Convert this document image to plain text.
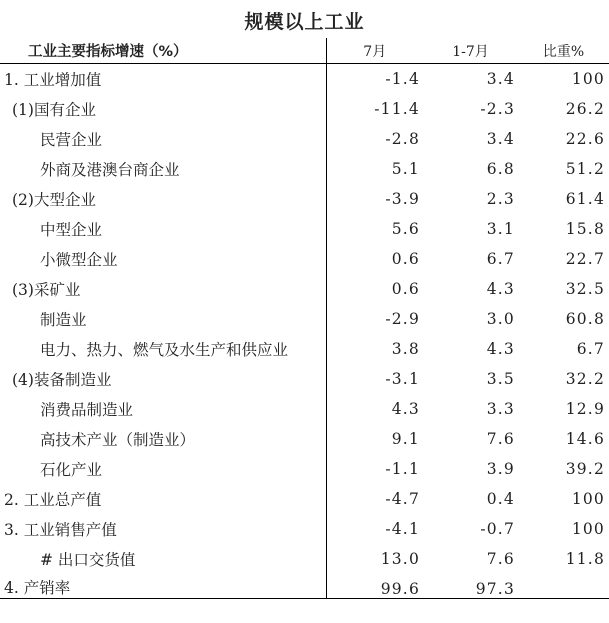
规模以上工业
工业主要指标增速（%）	7月	1-7月	比重%
1. 工业增加值	-1.4	3.4	100
(1)国有企业	-11.4	-2.3	26.2
民营企业	-2.8	3.4	22.6
外商及港澳台商企业	5.1	6.8	51.2
(2)大型企业	-3.9	2.3	61.4
中型企业	5.6	3.1	15.8
小微型企业	0.6	6.7	22.7
(3)采矿业	0.6	4.3	32.5
制造业	-2.9	3.0	60.8
电力、热力、燃气及水生产和供应业	3.8	4.3	6.7
(4)装备制造业	-3.1	3.5	32.2
消费品制造业	4.3	3.3	12.9
高技术产业（制造业）	9.1	7.6	14.6
石化产业	-1.1	3.9	39.2
2. 工业总产值	-4.7	0.4	100
3. 工业销售产值	-4.1	-0.7	100
# 出口交货值	13.0	7.6	11.8
4. 产销率	99.6	97.3	
